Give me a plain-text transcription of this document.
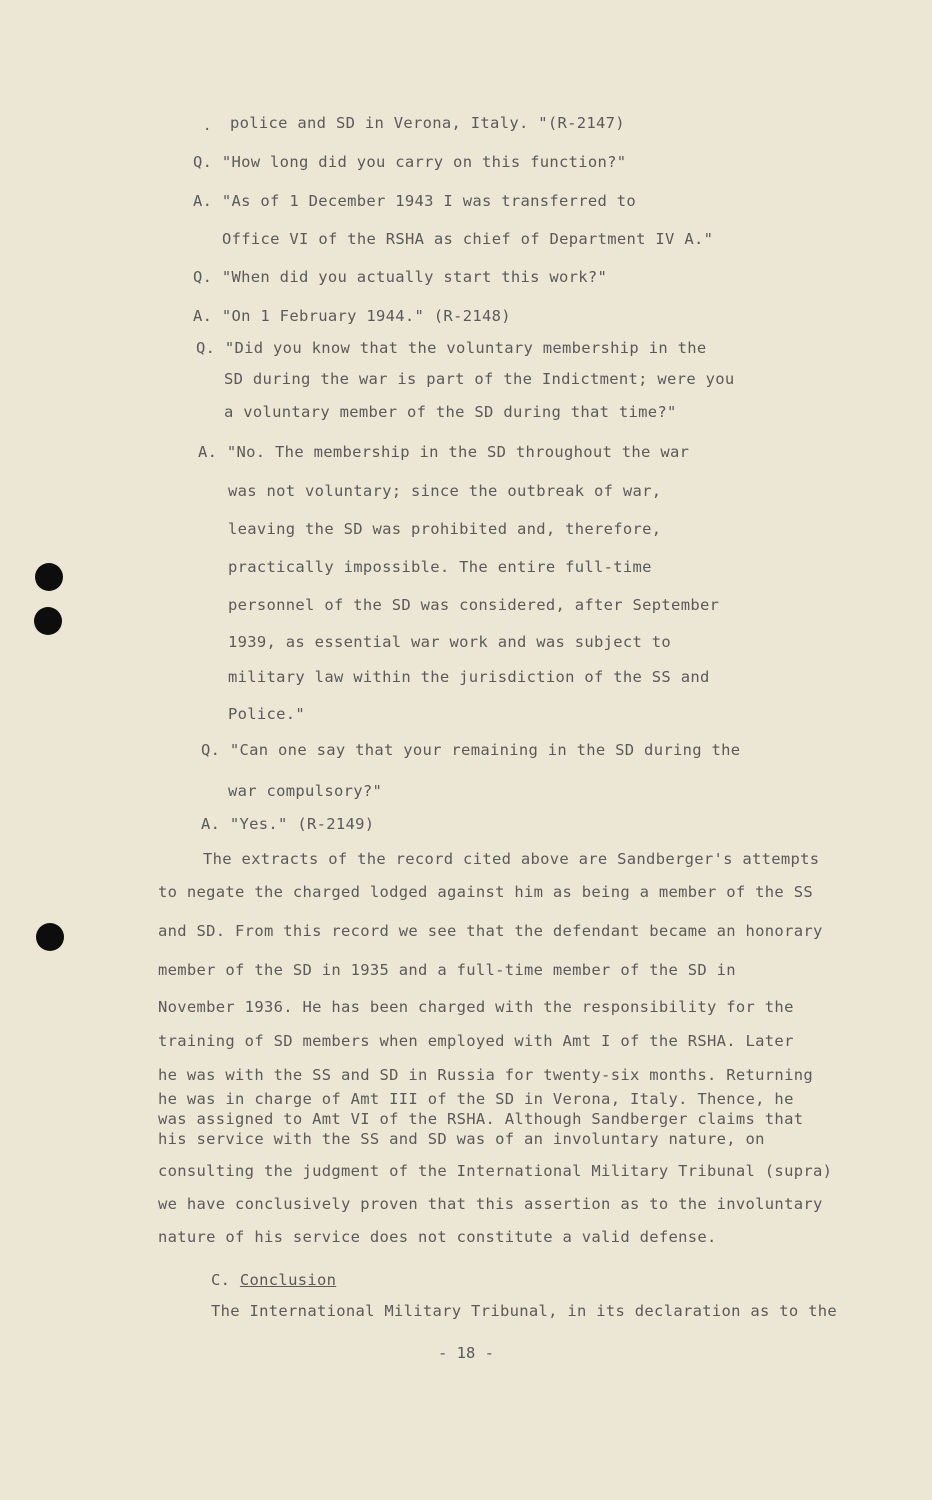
. police and SD in Verona, Italy. "(R-2147)
Q. "How long did you carry on this function?"
A. "As of 1 December 1943 I was transferred to
Office VI of the RSHA as chief of Department IV A."
Q. "When did you actually start this work?"
A. "On 1 February 1944." (R-2148)
Q. "Did you know that the voluntary membership in the
SD during the war is part of the Indictment; were you
a voluntary member of the SD during that time?"
A. "No. The membership in the SD throughout the war
was not voluntary; since the outbreak of war,
leaving the SD was prohibited and, therefore,
practically impossible. The entire full-time
personnel of the SD was considered, after September
1939, as essential war work and was subject to
military law within the jurisdiction of the SS and
Police."
Q. "Can one say that your remaining in the SD during the
war compulsory?"
A. "Yes." (R-2149)
The extracts of the record cited above are Sandberger's attempts
to negate the charged lodged against him as being a member of the SS
and SD. From this record we see that the defendant became an honorary
member of the SD in 1935 and a full-time member of the SD in
November 1936. He has been charged with the responsibility for the
training of SD members when employed with Amt I of the RSHA. Later
he was with the SS and SD in Russia for twenty-six months. Returning
he was in charge of Amt III of the SD in Verona, Italy. Thence, he
was assigned to Amt VI of the RSHA. Although Sandberger claims that
his service with the SS and SD was of an involuntary nature, on
consulting the judgment of the International Military Tribunal (supra)
we have conclusively proven that this assertion as to the involuntary
nature of his service does not constitute a valid defense.
C. Conclusion
The International Military Tribunal, in its declaration as to the
- 18 -
